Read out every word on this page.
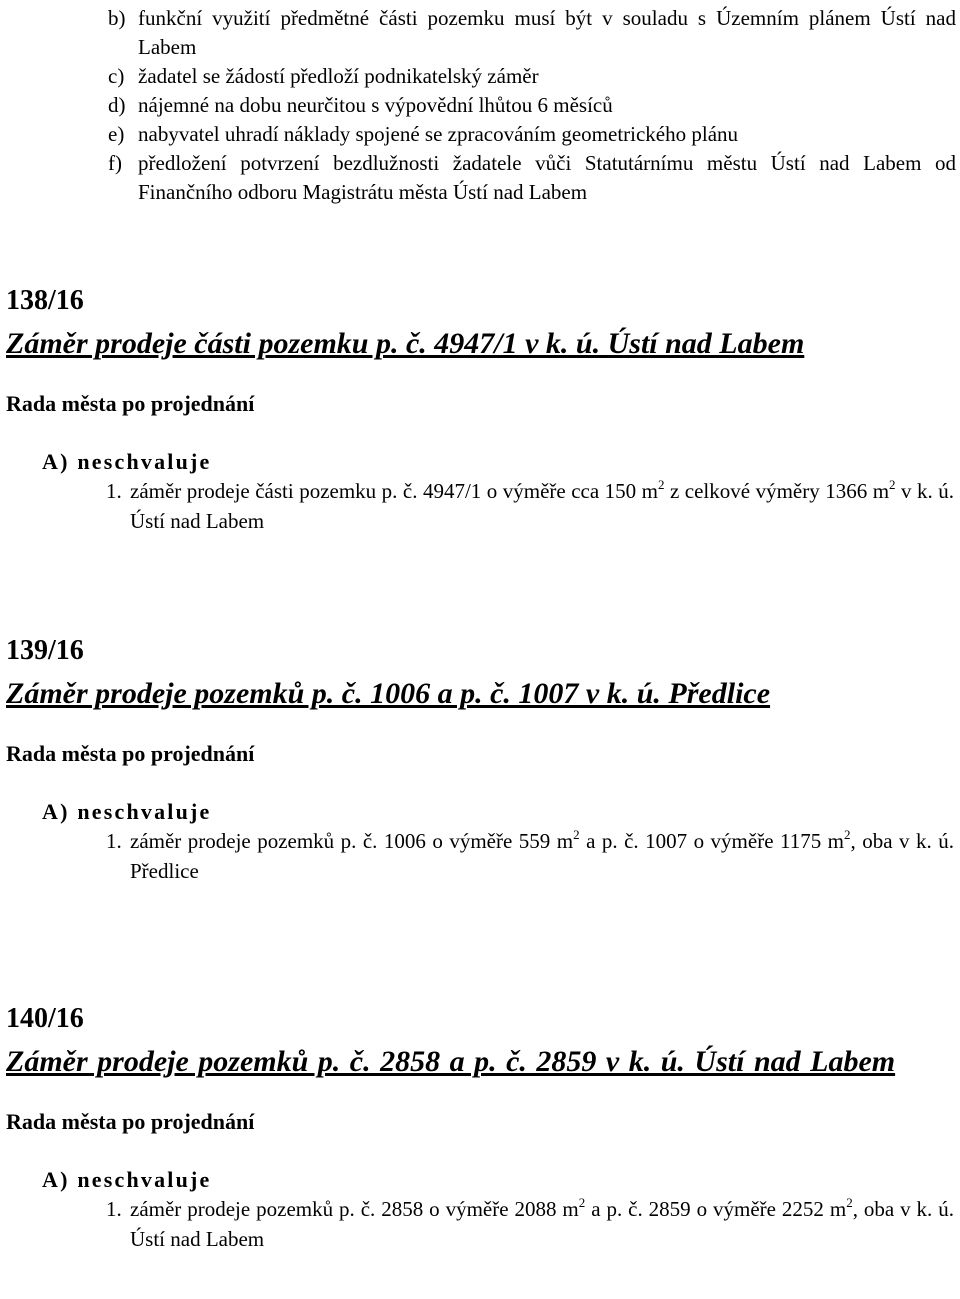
b) funkční využití předmětné části pozemku musí být v souladu s Územním plánem Ústí nad Labem
c) žadatel se žádostí předloží podnikatelský záměr
d) nájemné na dobu neurčitou s výpovědní lhůtou 6 měsíců
e) nabyvatel uhradí náklady spojené se zpracováním geometrického plánu
f) předložení potvrzení bezdlužnosti žadatele vůči Statutárnímu městu Ústí nad Labem od Finančního odboru Magistrátu města Ústí nad Labem
138/16
Záměr prodeje části pozemku p. č. 4947/1 v k. ú. Ústí nad Labem
Rada města po projednání
A) neschvaluje
1. záměr prodeje části pozemku p. č. 4947/1 o výměře cca 150 $m^2$ z celkové výměry 1366 $m^2$ v k. ú. Ústí nad Labem
139/16
Záměr prodeje pozemků p. č. 1006 a p. č. 1007 v k. ú. Předlice
Rada města po projednání
A) neschvaluje
1. záměr prodeje pozemků p. č. 1006 o výměře 559 $m^2$ a p. č. 1007 o výměře 1175 $m^2$, oba v k. ú. Předlice
140/16
Záměr prodeje pozemků p. č. 2858 a p. č. 2859 v k. ú. Ústí nad Labem
Rada města po projednání
A) neschvaluje
1. záměr prodeje pozemků p. č. 2858 o výměře 2088 $m^2$ a p. č. 2859 o výměře 2252 $m^2$, oba v k. ú. Ústí nad Labem
